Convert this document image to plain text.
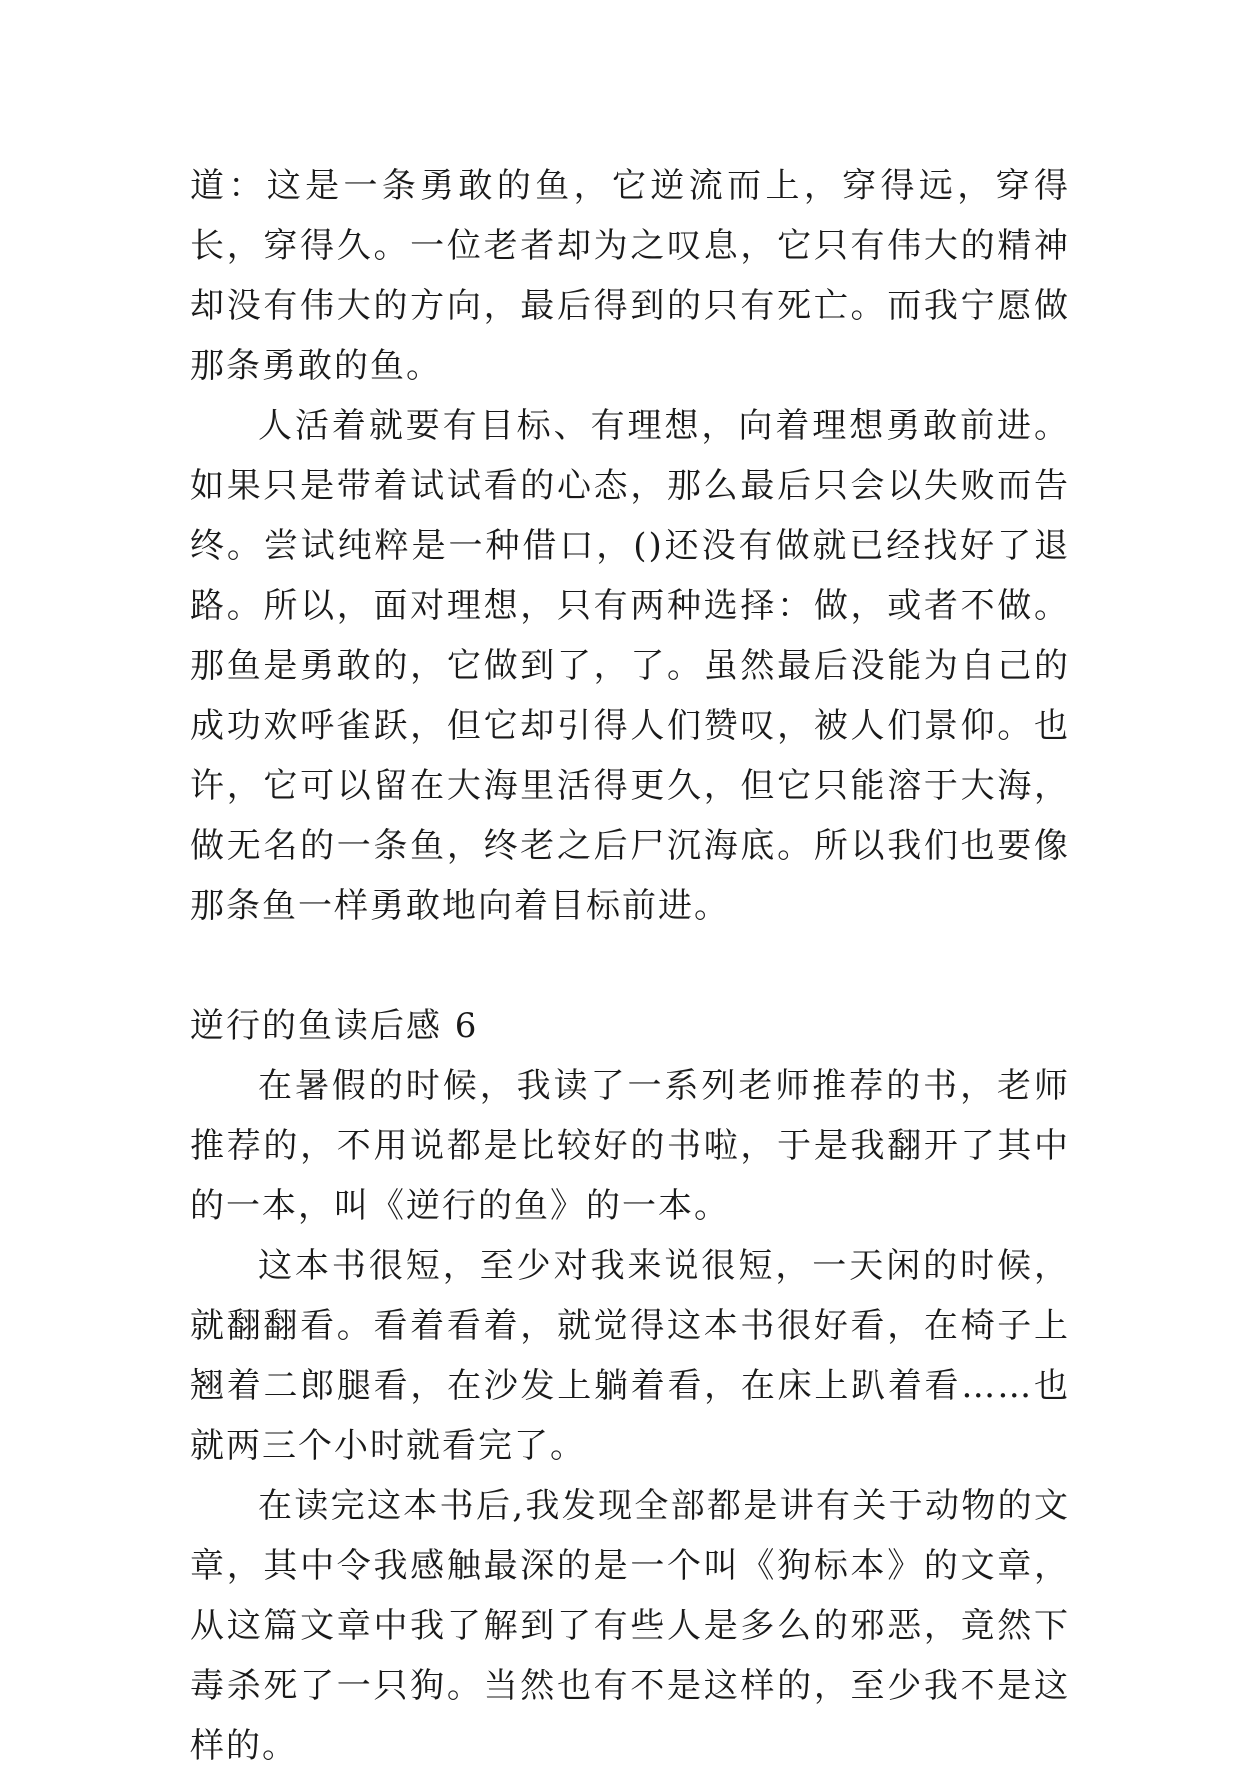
道：这是一条勇敢的鱼，它逆流而上，穿得远，穿得长，穿得久。一位老者却为之叹息，它只有伟大的精神却没有伟大的方向，最后得到的只有死亡。而我宁愿做那条勇敢的鱼。

人活着就要有目标、有理想，向着理想勇敢前进。如果只是带着试试看的心态，那么最后只会以失败而告终。尝试纯粹是一种借口，()还没有做就已经找好了退路。所以，面对理想，只有两种选择：做，或者不做。那鱼是勇敢的，它做到了，了。虽然最后没能为自己的成功欢呼雀跃，但它却引得人们赞叹，被人们景仰。也许，它可以留在大海里活得更久，但它只能溶于大海，做无名的一条鱼，终老之后尸沉海底。所以我们也要像那条鱼一样勇敢地向着目标前进。

逆行的鱼读后感 6

在暑假的时候，我读了一系列老师推荐的书，老师推荐的，不用说都是比较好的书啦，于是我翻开了其中的一本，叫《逆行的鱼》的一本。

这本书很短，至少对我来说很短，一天闲的时候，就翻翻看。看着看着，就觉得这本书很好看，在椅子上翘着二郎腿看，在沙发上躺着看，在床上趴着看……也就两三个小时就看完了。

在读完这本书后,我发现全部都是讲有关于动物的文章，其中令我感触最深的是一个叫《狗标本》的文章，从这篇文章中我了解到了有些人是多么的邪恶，竟然下毒杀死了一只狗。当然也有不是这样的，至少我不是这样的。
